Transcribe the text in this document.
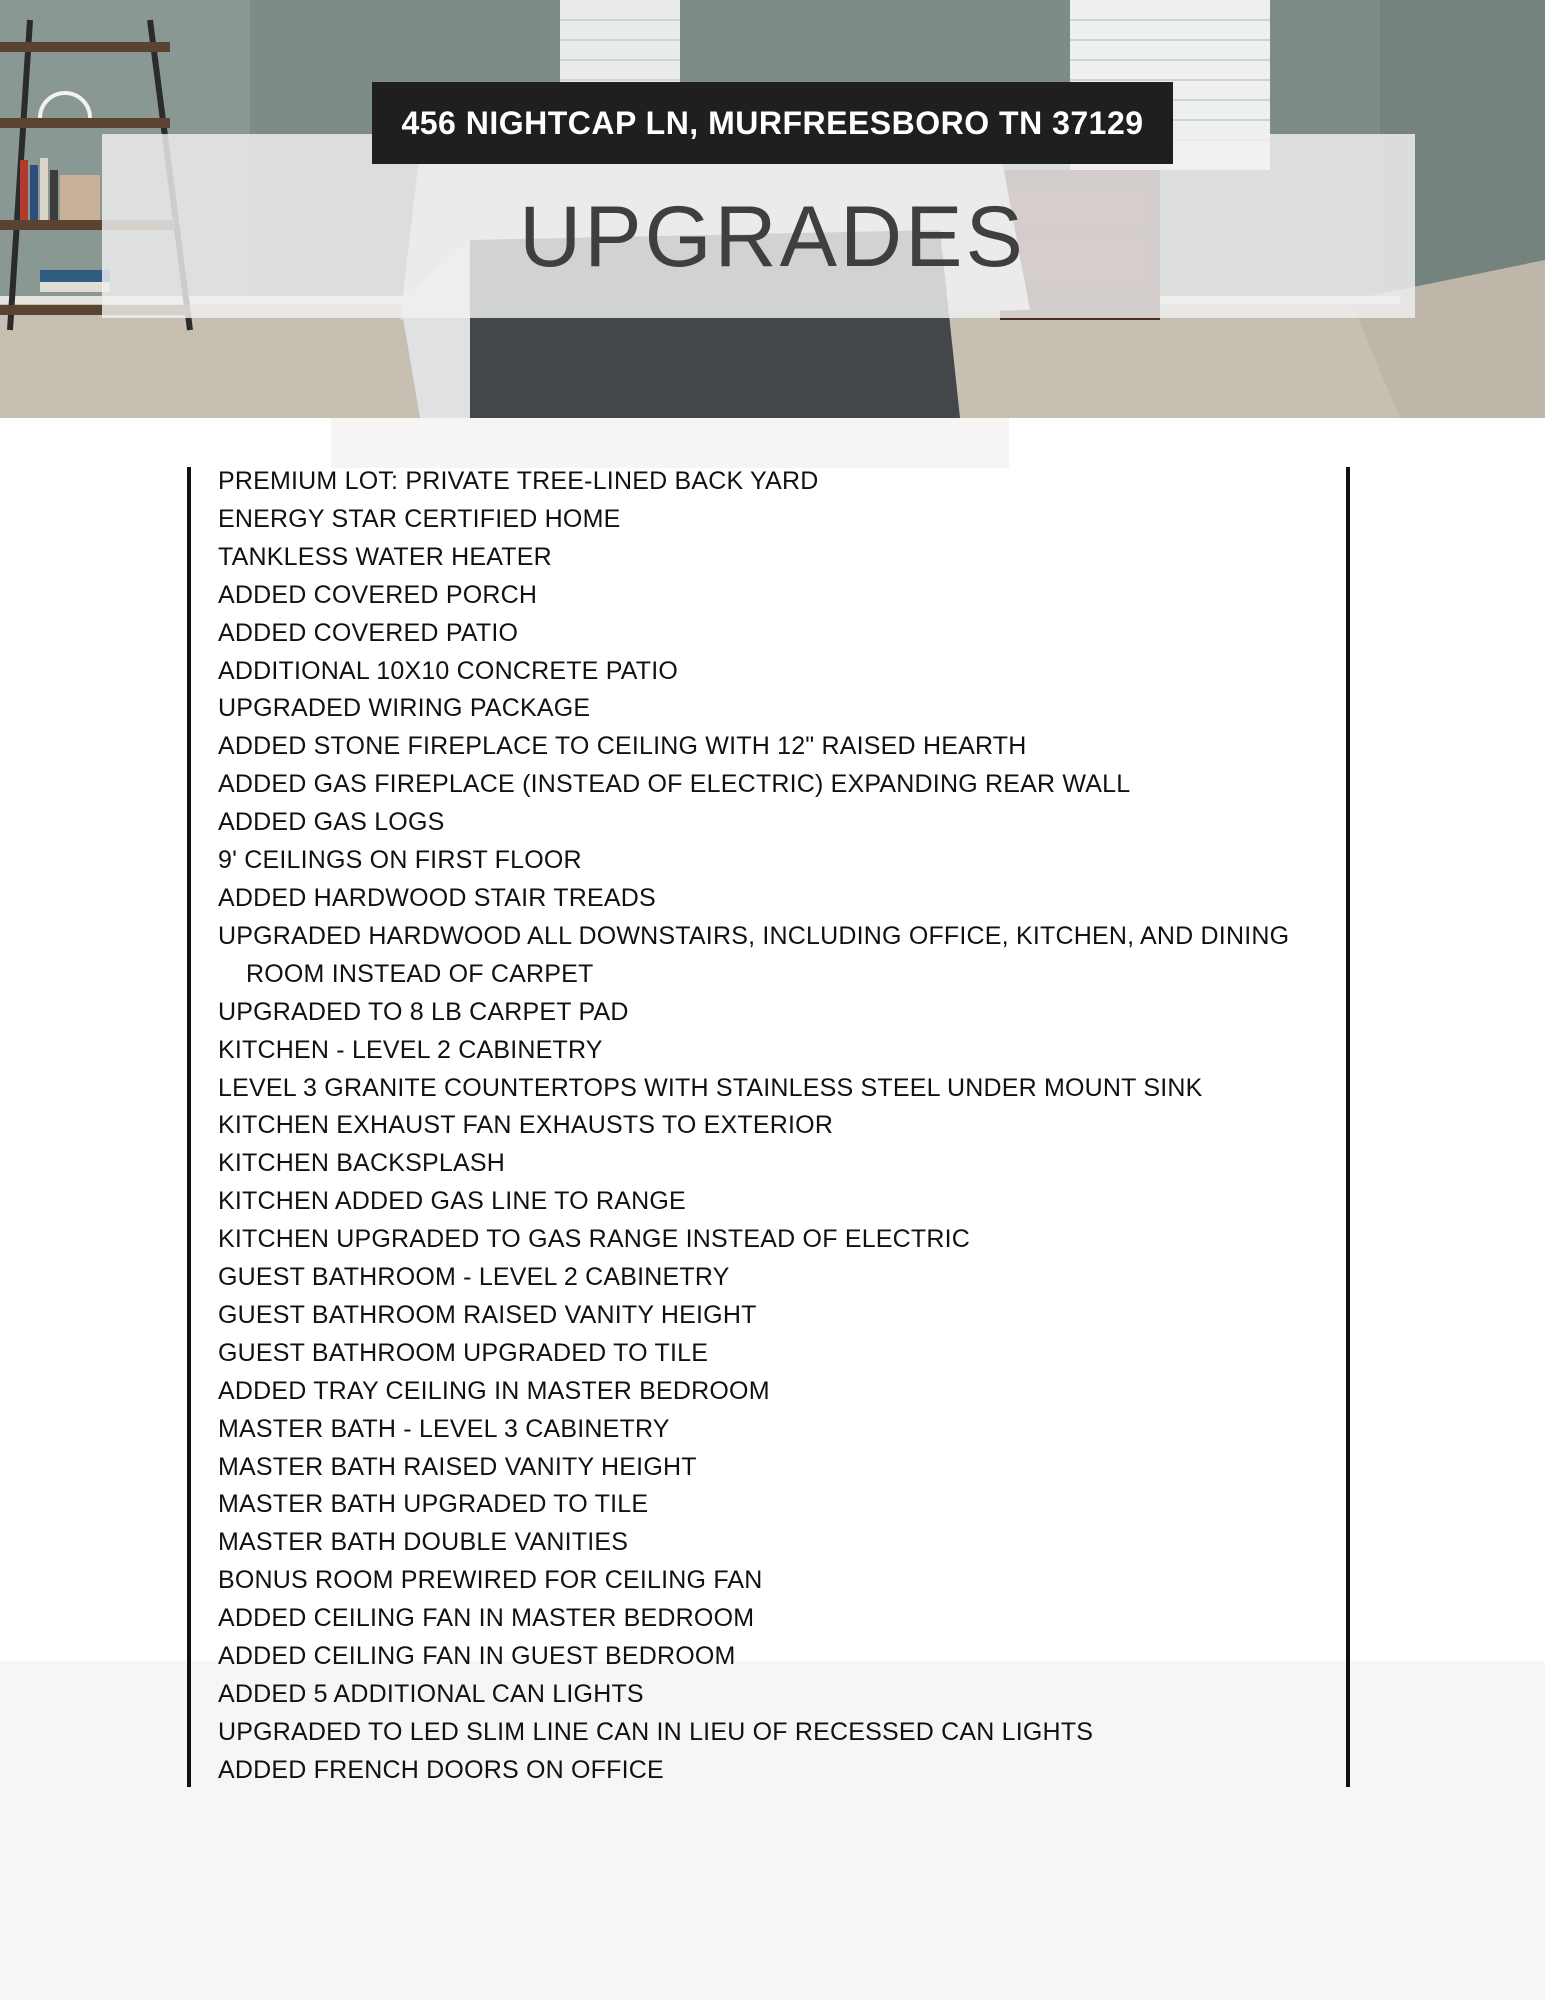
456 NIGHTCAP LN, MURFREESBORO TN 37129
UPGRADES
PREMIUM LOT: PRIVATE TREE-LINED BACK YARD
ENERGY STAR CERTIFIED HOME
TANKLESS WATER HEATER
ADDED COVERED PORCH
ADDED COVERED PATIO
ADDITIONAL 10X10 CONCRETE PATIO
UPGRADED WIRING PACKAGE
ADDED STONE FIREPLACE TO CEILING WITH 12" RAISED HEARTH
ADDED GAS FIREPLACE (INSTEAD OF ELECTRIC) EXPANDING REAR WALL
ADDED GAS LOGS
9' CEILINGS ON FIRST FLOOR
ADDED HARDWOOD STAIR TREADS
UPGRADED HARDWOOD ALL DOWNSTAIRS, INCLUDING OFFICE, KITCHEN, AND DINING ROOM INSTEAD OF CARPET
UPGRADED TO 8 LB CARPET PAD
KITCHEN - LEVEL 2 CABINETRY
LEVEL 3 GRANITE COUNTERTOPS WITH STAINLESS STEEL UNDER MOUNT SINK
KITCHEN EXHAUST FAN EXHAUSTS TO EXTERIOR
KITCHEN BACKSPLASH
KITCHEN ADDED GAS LINE TO RANGE
KITCHEN UPGRADED TO GAS RANGE INSTEAD OF ELECTRIC
GUEST BATHROOM - LEVEL 2 CABINETRY
GUEST BATHROOM RAISED VANITY HEIGHT
GUEST BATHROOM UPGRADED TO TILE
ADDED TRAY CEILING IN MASTER BEDROOM
MASTER BATH - LEVEL 3 CABINETRY
MASTER BATH RAISED VANITY HEIGHT
MASTER BATH UPGRADED TO TILE
MASTER BATH DOUBLE VANITIES
BONUS ROOM PREWIRED FOR CEILING FAN
ADDED CEILING FAN IN MASTER BEDROOM
ADDED CEILING FAN IN GUEST BEDROOM
ADDED 5 ADDITIONAL CAN LIGHTS
UPGRADED TO LED SLIM LINE CAN IN LIEU OF RECESSED CAN LIGHTS
ADDED FRENCH DOORS ON OFFICE
